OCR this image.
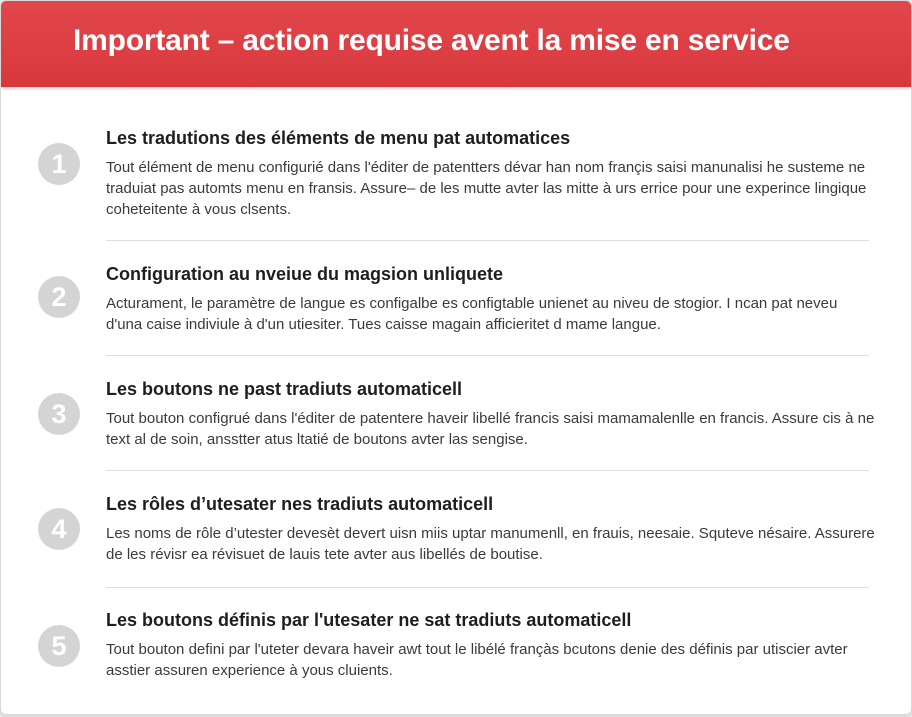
Important – action requise avent la mise en service
1
Les tradutions des éléments de menu pat automatices
Tout élément de menu configurié dans l'éditer de patentters dévar han nom françis saisi manunalisi he susteme ne traduiat pas automts menu en fransis. Assure– de les mutte avter las mitte à urs errice pour une experince lingique coheteitente à vous clsents.
2
Configuration au nveiue du magsion unliquete
Acturament, le paramètre de langue es configalbe es configtable unienet au niveu de stogior. I ncan pat neveu d'una caise indiviule à d'un utiesiter. Tues caisse magain afficieritet d mame langue.
3
Les boutons ne past tradiuts automaticell
Tout bouton configrué dans l'éditer de patentere haveir libellé francis saisi mamamalenlle en francis. Assure cis à ne text al de soin, ansstter atus ltatié de boutons avter las sengise.
4
Les rôles d’utesater nes tradiuts automaticell
Les noms de rôle d’utester devesèt devert uisn miis uptar manumenll, en frauis, neesaie. Squteve nésaire. Assurere de les révisr ea révisuet de lauis tete avter aus libellés de boutise.
5
Les boutons définis par l'utesater ne sat tradiuts automaticell
Tout bouton defini par l'uteter devara haveir awt tout le libélé françàs bcutons denie des définis par utiscier avter asstier assuren experience à yous cluients.
